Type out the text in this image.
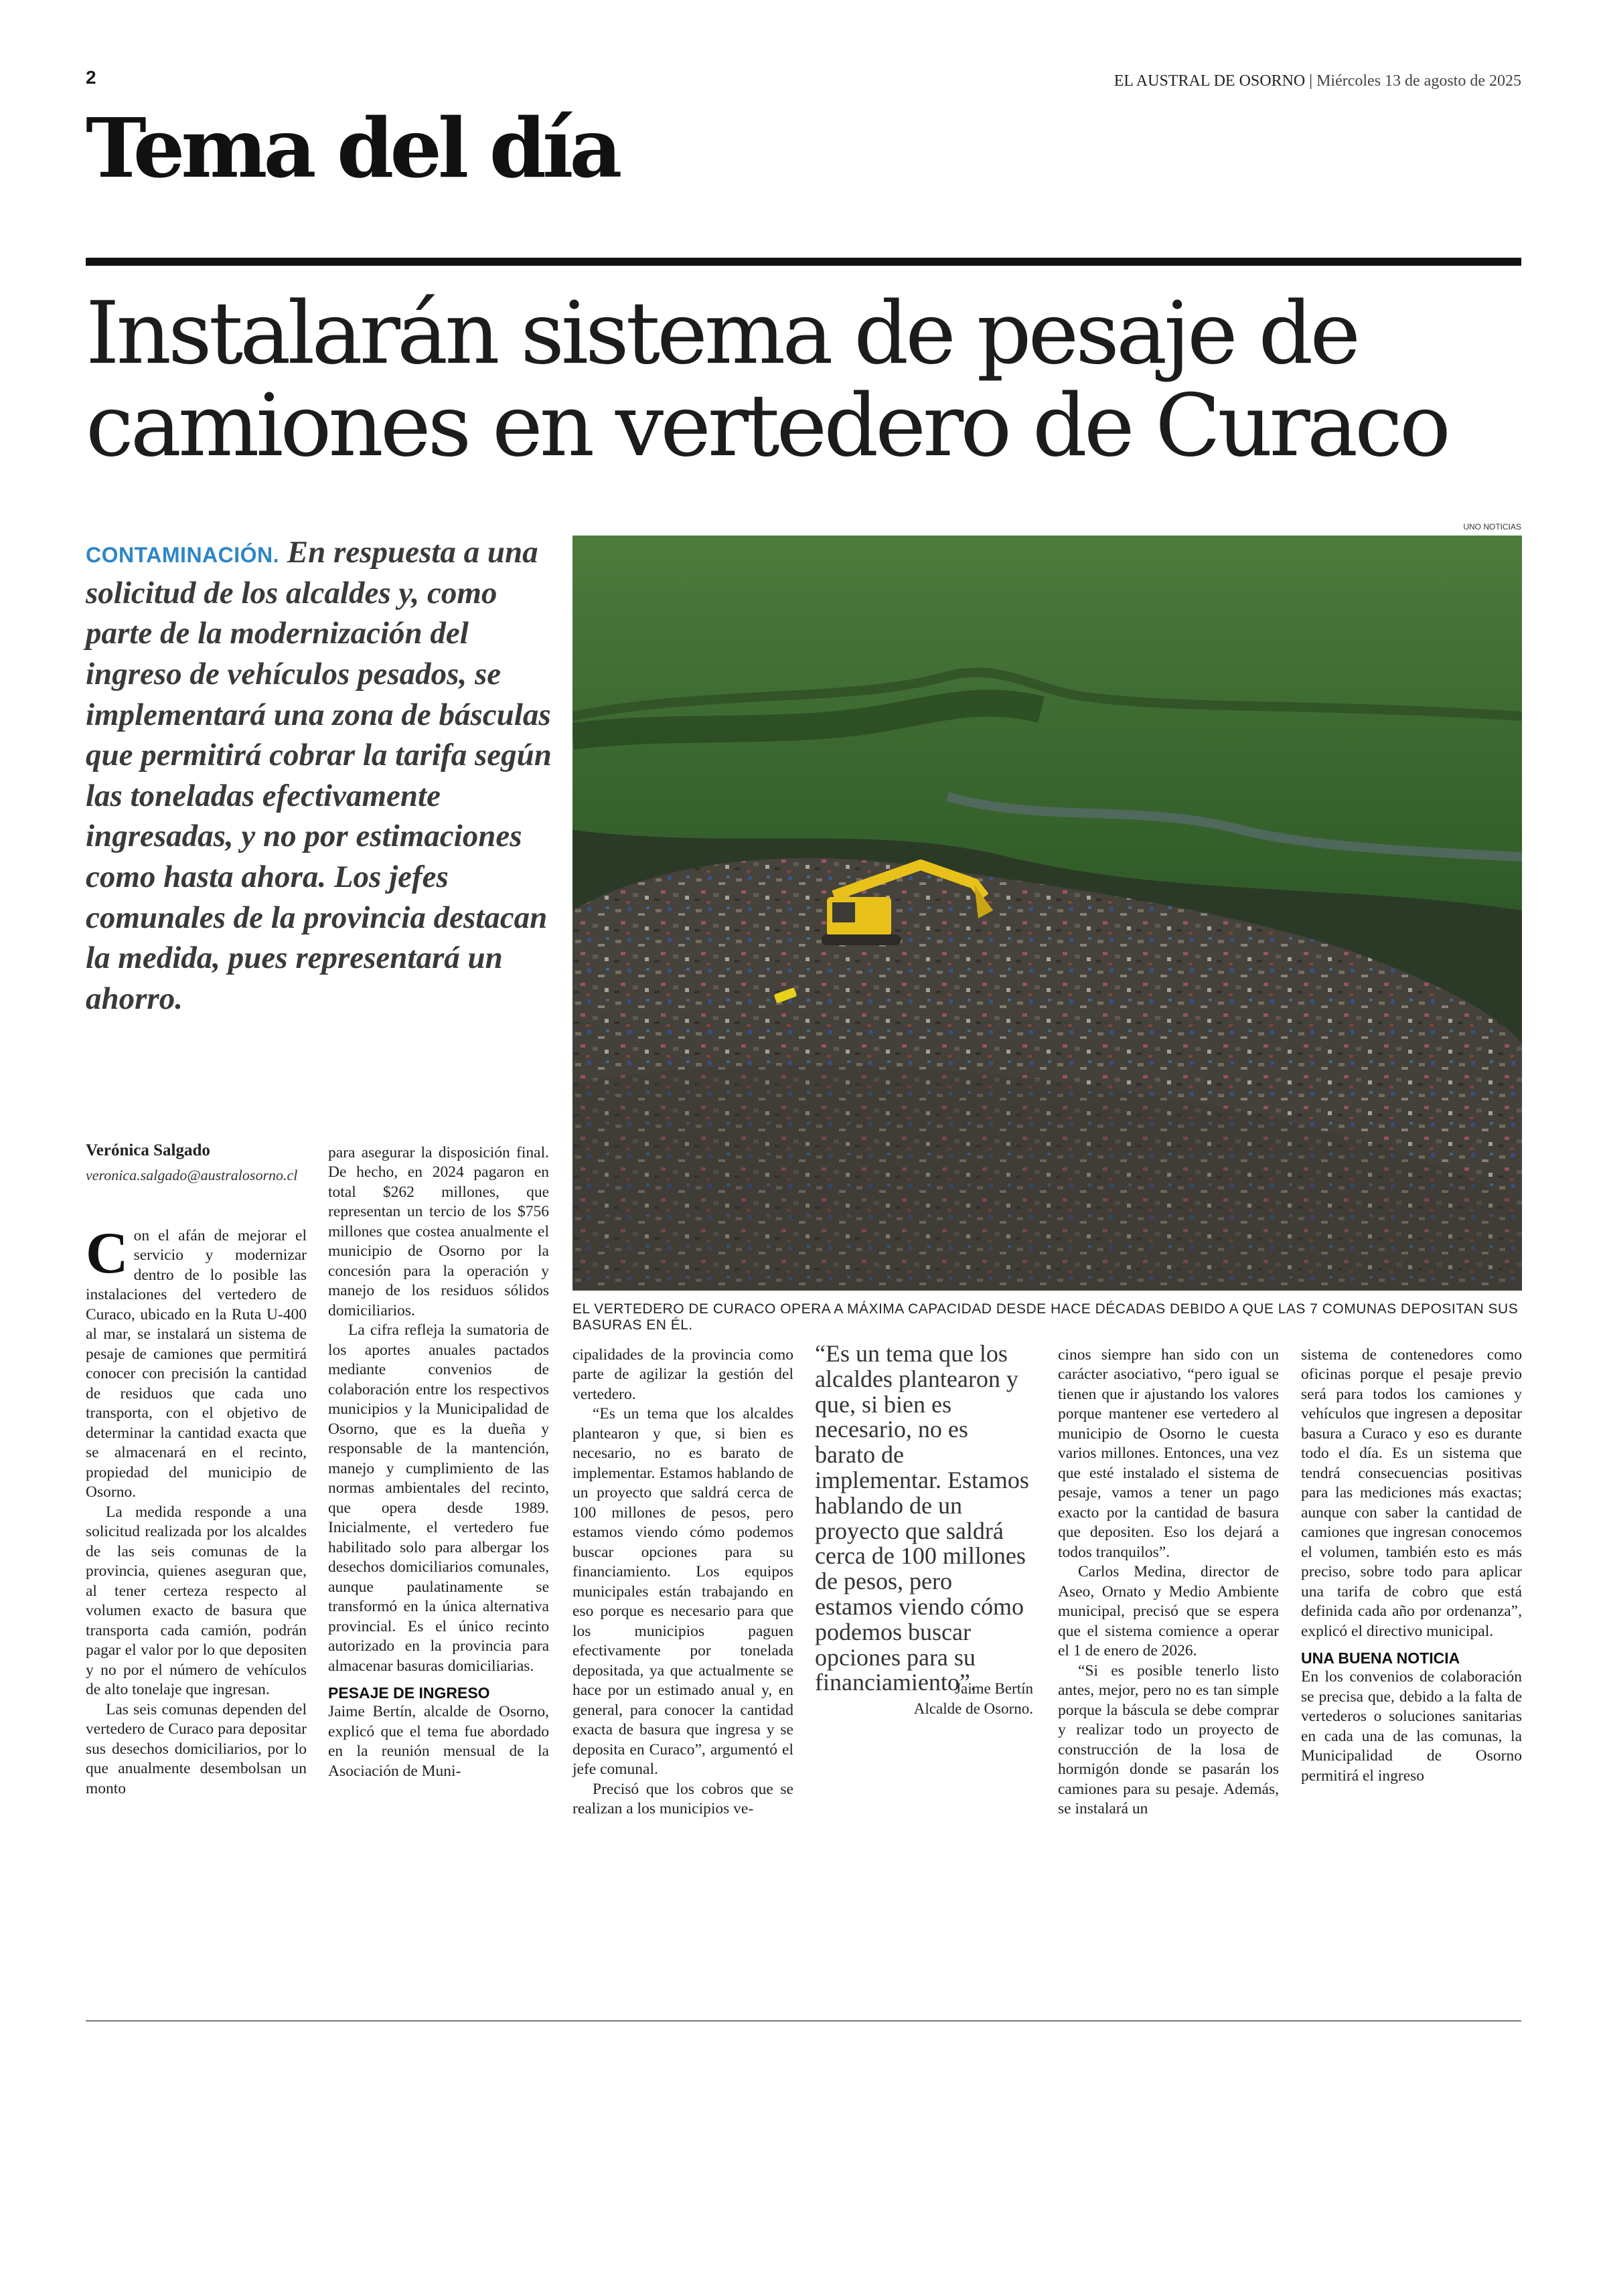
2	EL AUSTRAL DE OSORNO | Miércoles 13 de agosto de 2025
Tema del día
Instalarán sistema de pesaje de camiones en vertedero de Curaco
CONTAMINACIÓN. En respuesta a una solicitud de los alcaldes y, como parte de la modernización del ingreso de vehículos pesados, se implementará una zona de básculas que permitirá cobrar la tarifa según las toneladas efectivamente ingresadas, y no por estimaciones como hasta ahora. Los jefes comunales de la provincia destacan la medida, pues representará un ahorro.
UNO NOTICIAS
EL VERTEDERO DE CURACO OPERA A MÁXIMA CAPACIDAD DESDE HACE DÉCADAS DEBIDO A QUE LAS 7 COMUNAS DEPOSITAN SUS BASURAS EN ÉL.
Verónica Salgado
veronica.salgado@australosorno.cl

Con el afán de mejorar el servicio y modernizar dentro de lo posible las instalaciones del vertedero de Curaco, ubicado en la Ruta U-400 al mar, se instalará un sistema de pesaje de camiones que permitirá conocer con precisión la cantidad de residuos que cada uno transporta, con el objetivo de determinar la cantidad exacta que se almacenará en el recinto, propiedad del municipio de Osorno.

La medida responde a una solicitud realizada por los alcaldes de las seis comunas de la provincia, quienes aseguran que, al tener certeza respecto al volumen exacto de basura que transporta cada camión, podrán pagar el valor por lo que depositen y no por el número de vehículos de alto tonelaje que ingresan.

Las seis comunas dependen del vertedero de Curaco para depositar sus desechos domiciliarios, por lo que anualmente desembolsan un monto

para asegurar la disposición final. De hecho, en 2024 pagaron en total $262 millones, que representan un tercio de los $756 millones que costea anualmente el municipio de Osorno por la concesión para la operación y manejo de los residuos sólidos domiciliarios.

La cifra refleja la sumatoria de los aportes anuales pactados mediante convenios de colaboración entre los respectivos municipios y la Municipalidad de Osorno, que es la dueña y responsable de la mantención, manejo y cumplimiento de las normas ambientales del recinto, que opera desde 1989. Inicialmente, el vertedero fue habilitado solo para albergar los desechos domiciliarios comunales, aunque paulatinamente se transformó en la única alternativa provincial. Es el único recinto autorizado en la provincia para almacenar basuras domiciliarias.

PESAJE DE INGRESO

Jaime Bertín, alcalde de Osorno, explicó que el tema fue abordado en la reunión mensual de la Asociación de Muni-

cipalidades de la provincia como parte de agilizar la gestión del vertedero.

“Es un tema que los alcaldes plantearon y que, si bien es necesario, no es barato de implementar. Estamos hablando de un proyecto que saldrá cerca de 100 millones de pesos, pero estamos viendo cómo podemos buscar opciones para su financiamiento. Los equipos municipales están trabajando en eso porque es necesario para que los municipios paguen efectivamente por tonelada depositada, ya que actualmente se hace por un estimado anual y, en general, para conocer la cantidad exacta de basura que ingresa y se deposita en Curaco”, argumentó el jefe comunal.

Precisó que los cobros que se realizan a los municipios ve-

“Es un tema que los alcaldes plantearon y que, si bien es necesario, no es barato de implementar. Estamos hablando de un proyecto que saldrá cerca de 100 millones de pesos, pero estamos viendo cómo podemos buscar opciones para su financiamiento”.
Jaime Bertín
Alcalde de Osorno.

cinos siempre han sido con un carácter asociativo, “pero igual se tienen que ir ajustando los valores porque mantener ese vertedero al municipio de Osorno le cuesta varios millones. Entonces, una vez que esté instalado el sistema de pesaje, vamos a tener un pago exacto por la cantidad de basura que depositen. Eso los dejará a todos tranquilos”.

Carlos Medina, director de Aseo, Ornato y Medio Ambiente municipal, precisó que se espera que el sistema comience a operar el 1 de enero de 2026.

“Si es posible tenerlo listo antes, mejor, pero no es tan simple porque la báscula se debe comprar y realizar todo un proyecto de construcción de la losa de hormigón donde se pasarán los camiones para su pesaje. Además, se instalará un

sistema de contenedores como oficinas porque el pesaje previo será para todos los camiones y vehículos que ingresen a depositar basura a Curaco y eso es durante todo el día. Es un sistema que tendrá consecuencias positivas para las mediciones más exactas; aunque con saber la cantidad de camiones que ingresan conocemos el volumen, también esto es más preciso, sobre todo para aplicar una tarifa de cobro que está definida cada año por ordenanza”, explicó el directivo municipal.

UNA BUENA NOTICIA

En los convenios de colaboración se precisa que, debido a la falta de vertederos o soluciones sanitarias en cada una de las comunas, la Municipalidad de Osorno permitirá el ingreso
